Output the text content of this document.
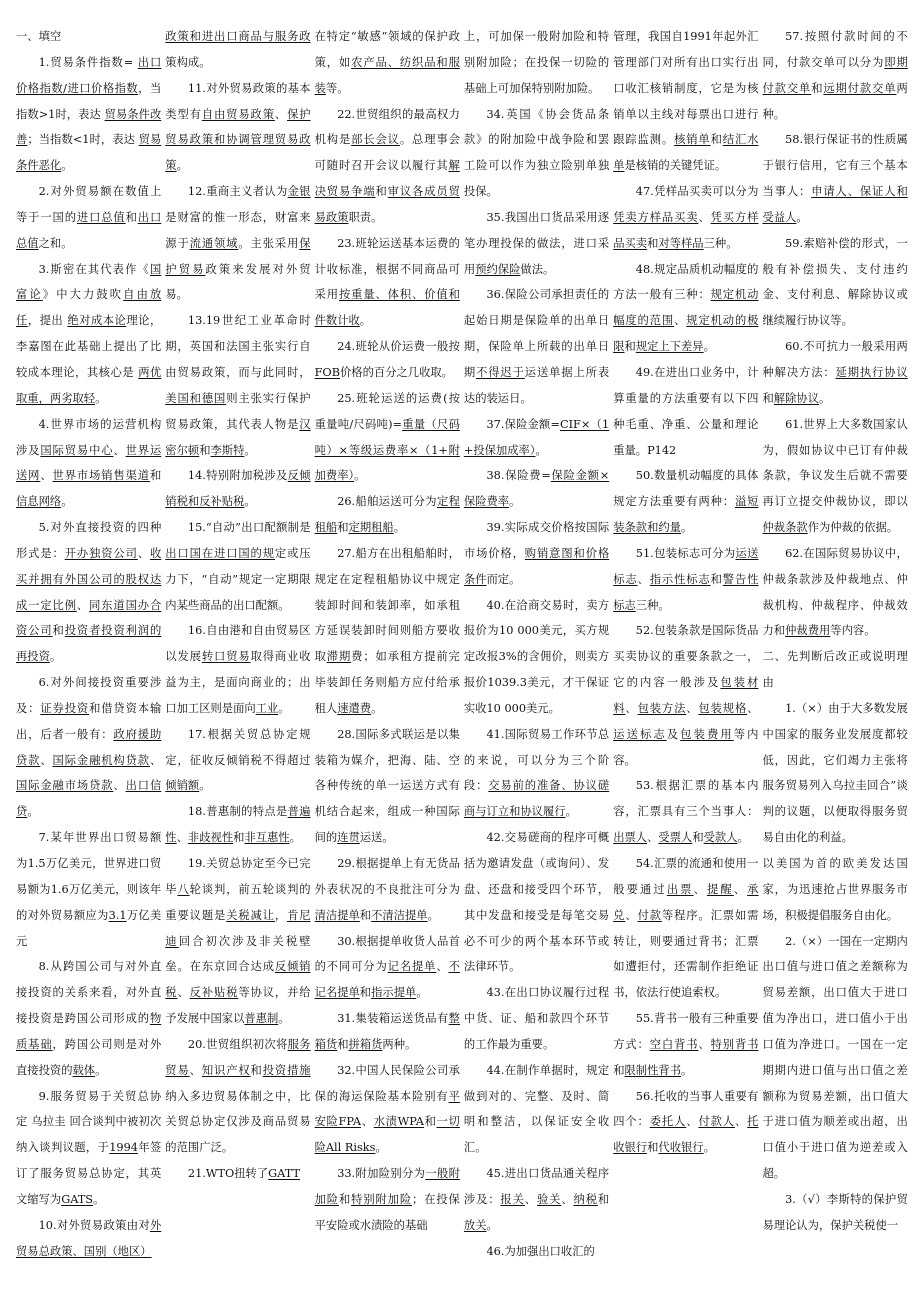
一、填空

1.贸易条件指数= 出口价格指数/进口价格指数，当指数>1时，表达 贸易条件改善；当指数<1时，表达 贸易条件恶化。

2.对外贸易额在数值上等于一国的进口总值和出口总值之和。

3.斯密在其代表作《国富论》中大力鼓吹自由放任，提出 绝对成本论理论，李嘉图在此基础上提出了比较成本理论，其核心是 两优取重，两劣取轻。

4.世界市场的运营机构涉及国际贸易中心、世界运送网、世界市场销售渠道和信息网络。

5.对外直接投资的四种形式是：开办独资公司、收买并拥有外国公司的股权达成一定比例、同东道国办合资公司和投资者投资利润的再投资。

6.对外间接投资重要涉及：证券投资和借贷资本输出，后者一般有：政府援助贷款、国际金融机构贷款、国际金融市场贷款、出口信贷。

7.某年世界出口贸易额为1.5万亿美元，世界进口贸易额为1.6万亿美元，则该年的对外贸易额应为3.1万亿美元

8.从跨国公司与对外直接投资的关系来看，对外直接投资是跨国公司形成的物质基础，跨国公司则是对外直接投资的载体。

9.服务贸易于关贸总协定 乌拉圭 回合谈判中被初次纳入谈判议题，于1994年签订了服务贸易总协定，其英文缩写为GATS。

10.对外贸易政策由对外贸易总政策、国别（地区）

政策和进出口商品与服务政策构成。

11.对外贸易政策的基本类型有自由贸易政策、保护贸易政策和协调管理贸易政策。

12.重商主义者认为金银是财富的惟一形态，财富来源于流通领域。主张采用保护贸易政策来发展对外贸易。

13.19世纪工业革命时期，英国和法国主张实行自由贸易政策，而与此同时，美国和德国则主张实行保护贸易政策，其代表人物是汉密尔顿和李斯特。

14.特别附加税涉及反倾销税和反补贴税。

15.“自动”出口配额制是出口国在进口国的规定或压力下，“自动”规定一定期限内某些商品的出口配额。

16.自由港和自由贸易区以发展转口贸易取得商业收益为主，是面向商业的；出口加工区则是面向工业。

17.根据关贸总协定规定，征收反倾销税不得超过倾销额。

18.普惠制的特点是普遍性、非歧视性和非互惠性。

19.关贸总协定至今已完毕八轮谈判，前五轮谈判的重要议题是关税减让，肯尼迪回合初次涉及非关税壁垒。在东京回合达成反倾销税、反补贴税等协议，并给予发展中国家以普惠制。

20.世贸组织初次将服务贸易、知识产权和投资措施纳入多边贸易体制之中，比关贸总协定仅涉及商品贸易的范围广泛。

21.WTO扭转了GATT

在特定“敏感”领域的保护政策，如农产品、纺织品和服装等。

22.世贸组织的最高权力机构是部长会议。总理事会可随时召开会议以履行其解决贸易争端和审议各成员贸易政策职责。

23.班轮运送基本运费的计收标准，根据不同商品可采用按重量、体积、价值和件数计收。

24.班轮从价运费一般按FOB价格的百分之几收取。

25.班轮运送的运费(按重量吨/尺码吨)=重量（尺码吨）×等级运费率×（1+附加费率）。

26.船舶运送可分为定程租船和定期租船。

27.船方在出租船舶时，规定在定程租船协议中规定装卸时间和装卸率，如承租方延误装卸时间则船方要收取滞期费；如承租方提前完毕装卸任务则船方应付给承租人速遣费。

28.国际多式联运是以集装箱为媒介，把海、陆、空各种传统的单一运送方式有机结合起来，组成一种国际间的连贯运送。

29.根据提单上有无货品外表状况的不良批注可分为清洁提单和不清洁提单。

30.根据提单收货人品首的不同可分为记名提单、不记名提单和指示提单。

31.集装箱运送货品有整箱货和拼箱货两种。

32.中国人民保险公司承保的海运保险基本险别有平安险FPA、水渍WPA和一切险All Risks。

33.附加险别分为一般附加险和特别附加险；在投保平安险或水渍险的基础

上，可加保一般附加险和特别附加险；在投保一切险的基础上可加保特别附加险。

34.英国《协会货品条款》的附加险中战争险和罢工险可以作为独立险别单独投保。

35.我国出口货品采用逐笔办理投保的做法，进口采用预约保险做法。

36.保险公司承担责任的起始日期是保险单的出单日期，保险单上所载的出单日期不得迟于运送单据上所表达的装运日。

37.保险金额=CIF×（1+投保加成率）。

38.保险费=保险金额×保险费率。

39.实际成交价格按国际市场价格，购销意图和价格条件而定。

40.在洽商交易时，卖方报价为10 000美元，买方规定改报3%的含佣价，则卖方报价1039.3美元，才干保证实收10 000美元。

41.国际贸易工作环节总的来说，可以分为三个阶段：交易前的准备、协议磋商与订立和协议履行。

42.交易磋商的程序可概括为邀请发盘（或询问）、发盘、还盘和接受四个环节，其中发盘和接受是每笔交易必不可少的两个基本环节或法律环节。

43.在出口协议履行过程中货、证、船和款四个环节的工作最为重要。

44.在制作单据时，规定做到对的、完整、及时、简明和整洁，以保证安全收汇。

45.进出口货品通关程序涉及：报关、验关、纳税和放关。

46.为加强出口收汇的

管理，我国自1991年起外汇管理部门对所有出口实行出口收汇核销制度，它是为核销单以主线对每票出口进行跟踪监测。核销单和结汇水单是核销的关键凭证。

47.凭样品买卖可以分为凭卖方样品买卖、凭买方样品买卖和对等样品三种。

48.规定品质机动幅度的方法一般有三种：规定机动幅度的范围、规定机动的极限和规定上下差异。

49.在进出口业务中，计算重量的方法重要有以下四种毛重、净重、公量和理论重量。P142

50.数量机动幅度的具体规定方法重要有两种：溢短装条款和约量。

51.包装标志可分为运送标志、指示性标志和警告性标志三种。

52.包装条款是国际货品买卖协议的重要条款之一，它的内容一般涉及包装材料、包装方法、包装规格、运送标志及包装费用等内容。

53.根据汇票的基本内容，汇票具有三个当事人：出票人、受票人和受款人。

54.汇票的流通和使用一般要通过出票、提醒、承兑、付款等程序。汇票如需转让，则要通过背书；汇票如遭拒付，还需制作拒绝证书，依法行使追索权。

55.背书一般有三种重要方式：空白背书、特别背书和限制性背书。

56.托收的当事人重要有四个：委托人、付款人、托收银行和代收银行。

57.按照付款时间的不同，付款交单可以分为即期付款交单和远期付款交单两种。

58.银行保证书的性质属于银行信用，它有三个基本当事人：申请人、保证人和受益人。

59.索赔补偿的形式，一般有补偿损失、支付违约金、支付利息、解除协议或继续履行协议等。

60.不可抗力一般采用两种解决方法：延期执行协议和解除协议。

61.世界上大多数国家认为，假如协议中已订有仲裁条款，争议发生后就不需要再订立提交仲裁协议，即以仲裁条款作为仲裁的依据。

62.在国际贸易协议中，仲裁条款涉及仲裁地点、仲裁机构、仲裁程序、仲裁效力和仲裁费用等内容。

二、先判断后改正或说明理由

1.（×）由于大多数发展中国家的服务业发展度都较低，因此，它们竭力主张将服务贸易列入乌拉圭回合”谈判的议题，以便取得服务贸易自由化的利益。

以美国为首的欧美发达国家，为迅速抢占世界服务市场，积极提倡服务自由化。

2.（×）一国在一定期内出口值与进口值之差额称为贸易差额，出口值大于进口值为净出口，进口值小于出口值为净进口。一国在一定期期内进口值与出口值之差额称为贸易差额，出口值大于进口值为顺差或出超，出口值小于进口值为逆差或入超。

3.（√）李斯特的保护贸易理论认为，保护关税使一
